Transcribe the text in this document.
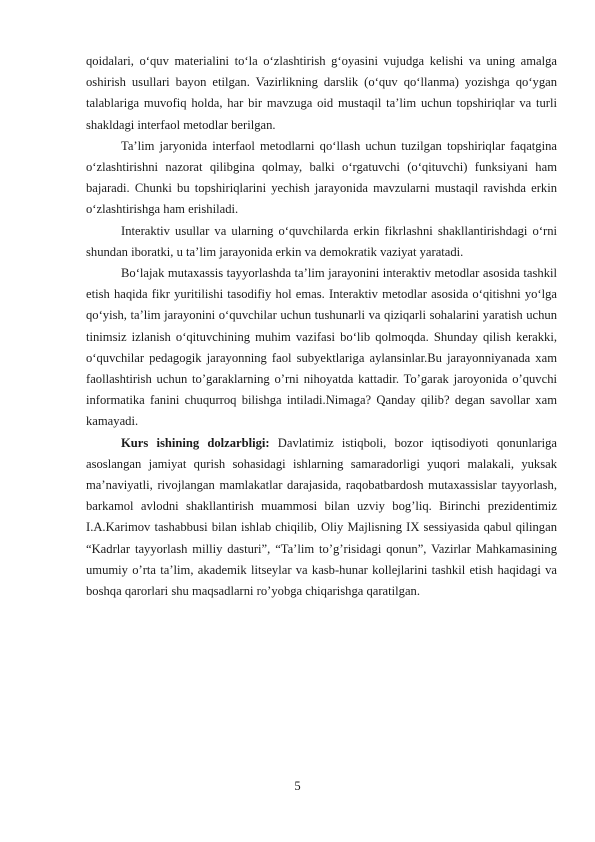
qoidalari, o‘quv materialini to‘la o‘zlashtirish g‘oyasini vujudga kelishi va uning amalga oshirish usullari bayon etilgan. Vazirlikning darslik (o‘quv qo‘llanma) yozishga qo‘ygan talablariga muvofiq holda, har bir mavzuga oid mustaqil ta’lim uchun topshiriqlar va turli shakldagi interfaol metodlar berilgan.

Ta’lim jaryonida interfaol metodlarni qo‘llash uchun tuzilgan topshiriqlar faqatgina o‘zlashtirishni nazorat qilibgina qolmay, balki o‘rgatuvchi (o‘qituvchi) funksiyani ham bajaradi. Chunki bu topshiriqlarini yechish jarayonida mavzularni mustaqil ravishda erkin o‘zlashtirishga ham erishiladi.

Interaktiv usullar va ularning o‘quvchilarda erkin fikrlashni shakllantirishdagi o‘rni shundan iboratki, u ta’lim jarayonida erkin va demokratik vaziyat yaratadi.

Bo‘lajak mutaxassis tayyorlashda ta’lim jarayonini interaktiv metodlar asosida tashkil etish haqida fikr yuritilishi tasodifiy hol emas. Interaktiv metodlar asosida o‘qitishni yo‘lga qo‘yish, ta’lim jarayonini o‘quvchilar uchun tushunarli va qiziqarli sohalarini yaratish uchun tinimsiz izlanish o‘qituvchining muhim vazifasi bo‘lib qolmoqda. Shunday qilish kerakki, o‘quvchilar pedagogik jarayonning faol subyektlariga aylansinlar.Bu jarayonniyanada xam faollashtirish uchun to’garaklarning o’rni nihoyatda kattadir. To’garak jaroyonida o’quvchi informatika fanini chuqurroq bilishga intiladi.Nimaga? Qanday qilib? degan savollar xam kamayadi.

Kurs ishining dolzarbligi: Davlatimiz istiqboli, bozor iqtisodiyoti qonunlariga asoslangan jamiyat qurish sohasidagi ishlarning samaradorligi yuqori malakali, yuksak ma’naviyatli, rivojlangan mamlakatlar darajasida, raqobatbardosh mutaxassislar tayyorlash, barkamol avlodni shakllantirish muammosi bilan uzviy bog’liq. Birinchi prezidentimiz I.A.Karimov tashabbusi bilan ishlab chiqilib, Oliy Majlisning IX sessiyasida qabul qilingan “Kadrlar tayyorlash milliy dasturi”, “Ta’lim to’g’risidagi qonun”, Vazirlar Mahkamasining umumiy o’rta ta’lim, akademik litseylar va kasb-hunar kollejlarini tashkil etish haqidagi va boshqa qarorlari shu maqsadlarni ro’yobga chiqarishga qaratilgan.

5
